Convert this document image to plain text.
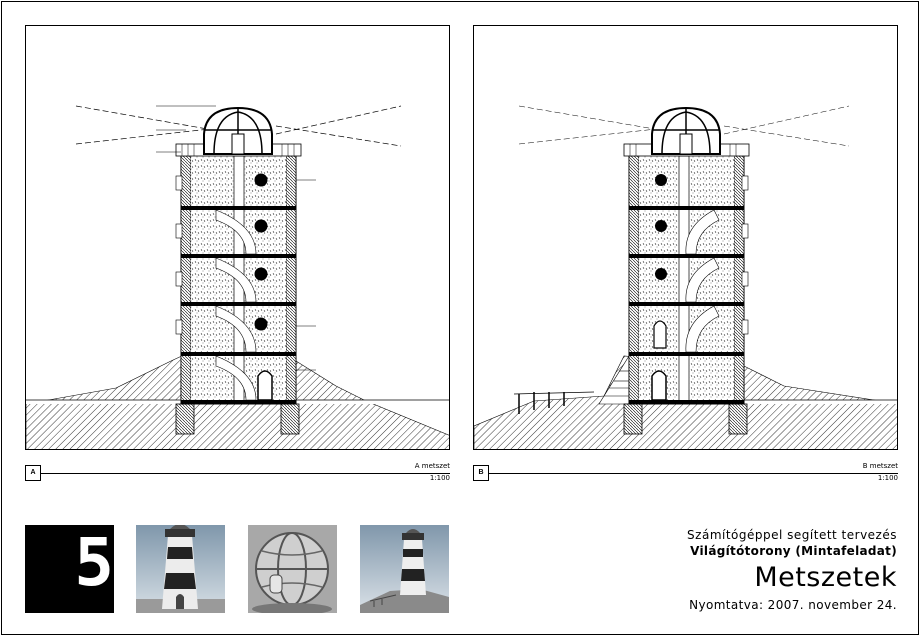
A
A metszet
1:100
B
B metszet
1:100
5	Számítógéppel segített tervezés
Világítótorony (Mintafeladat)
Metszetek
Nyomtatva: 2007. november 24.
